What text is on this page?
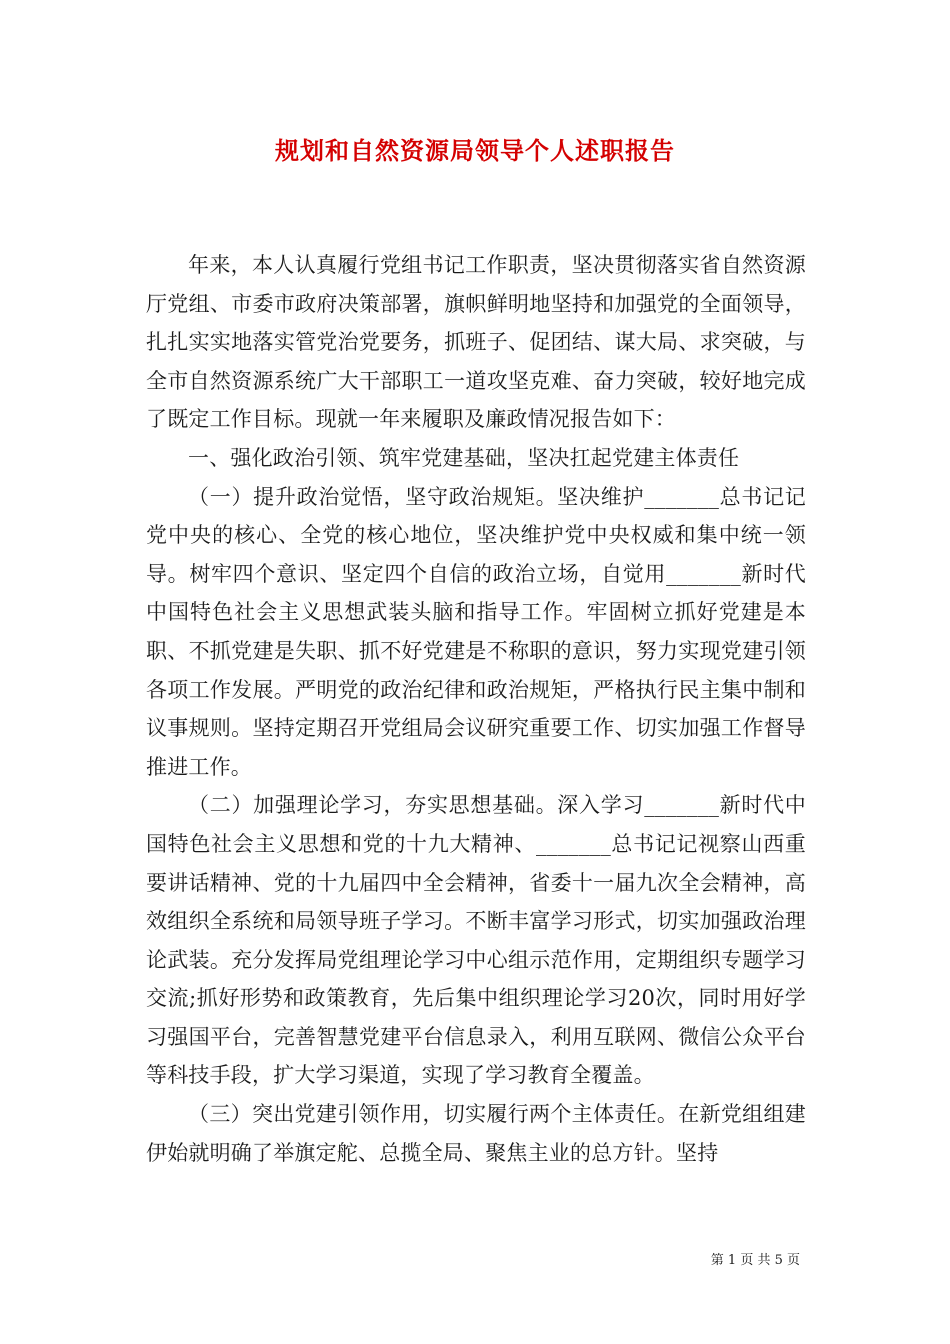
规划和自然资源局领导个人述职报告

年来，本人认真履行党组书记工作职责，坚决贯彻落实省自然资源厅党组、市委市政府决策部署，旗帜鲜明地坚持和加强党的全面领导，扎扎实实地落实管党治党要务，抓班子、促团结、谋大局、求突破，与全市自然资源系统广大干部职工一道攻坚克难、奋力突破，较好地完成了既定工作目标。现就一年来履职及廉政情况报告如下：

一、强化政治引领、筑牢党建基础，坚决扛起党建主体责任

（一）提升政治觉悟，坚守政治规矩。坚决维护_______总书记记党中央的核心、全党的核心地位，坚决维护党中央权威和集中统一领导。树牢四个意识、坚定四个自信的政治立场，自觉用_______新时代中国特色社会主义思想武装头脑和指导工作。牢固树立抓好党建是本职、不抓党建是失职、抓不好党建是不称职的意识，努力实现党建引领各项工作发展。严明党的政治纪律和政治规矩，严格执行民主集中制和议事规则。坚持定期召开党组局会议研究重要工作、切实加强工作督导推进工作。

（二）加强理论学习，夯实思想基础。深入学习_______新时代中国特色社会主义思想和党的十九大精神、_______总书记记视察山西重要讲话精神、党的十九届四中全会精神，省委十一届九次全会精神，高效组织全系统和局领导班子学习。不断丰富学习形式，切实加强政治理论武装。充分发挥局党组理论学习中心组示范作用，定期组织专题学习交流;抓好形势和政策教育，先后集中组织理论学习20次，同时用好学习强国平台，完善智慧党建平台信息录入，利用互联网、微信公众平台等科技手段，扩大学习渠道，实现了学习教育全覆盖。

（三）突出党建引领作用，切实履行两个主体责任。在新党组组建伊始就明确了举旗定舵、总揽全局、聚焦主业的总方针。坚持

第 1 页 共 5 页
